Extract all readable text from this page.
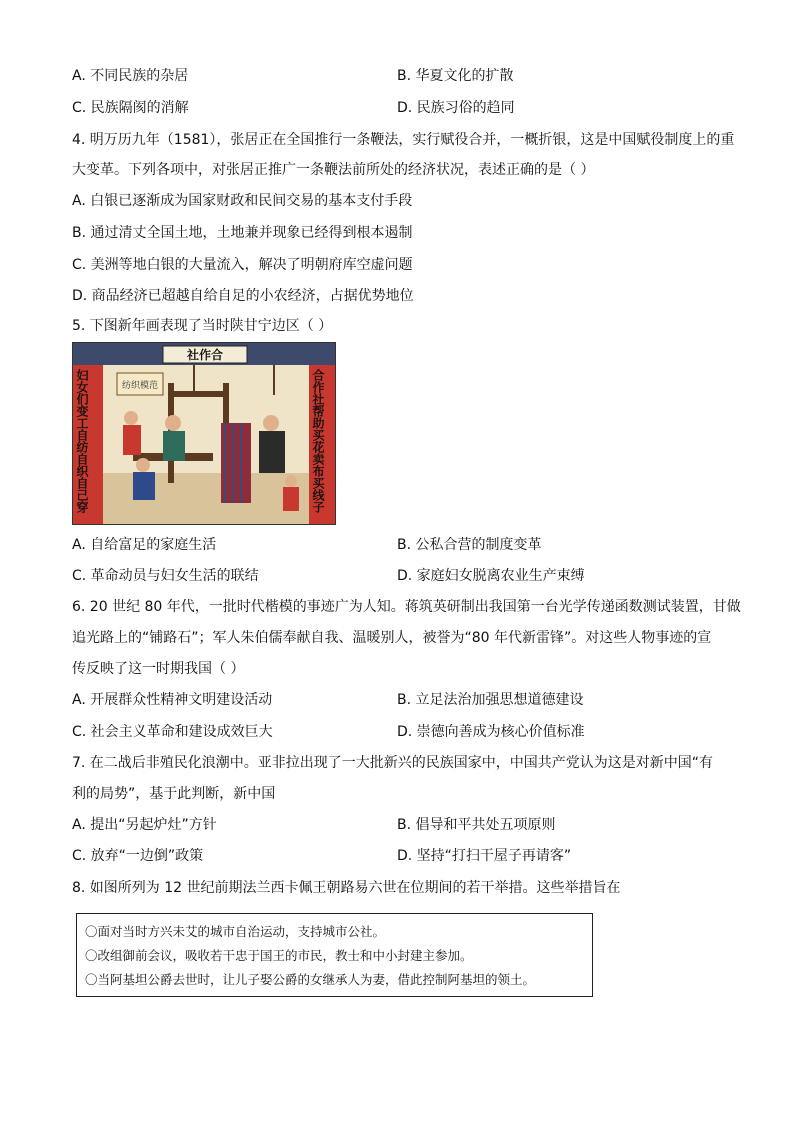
A. 不同民族的杂居	B. 华夏文化的扩散
C. 民族隔阂的消解	D. 民族习俗的趋同
4. 明万历九年（1581），张居正在全国推行一条鞭法，实行赋役合并，一概折银，这是中国赋役制度上的重
大变革。下列各项中，对张居正推广一条鞭法前所处的经济状况，表述正确的是（ ）
A. 白银已逐渐成为国家财政和民间交易的基本支付手段
B. 通过清丈全国土地，土地兼并现象已经得到根本遏制
C. 美洲等地白银的大量流入，解决了明朝府库空虚问题
D. 商品经济已超越自给自足的小农经济，占据优势地位
5. 下图新年画表现了当时陕甘宁边区（ ）
社作合
妇女们变工自纺自织自己穿	合作社帮助买花卖布买线子
纺织模范
A. 自给富足的家庭生活	B. 公私合营的制度变革
C. 革命动员与妇女生活的联结	D. 家庭妇女脱离农业生产束缚
6. 20 世纪 80 年代，一批时代楷模的事迹广为人知。蒋筑英研制出我国第一台光学传递函数测试装置，甘做
追光路上的“铺路石”；军人朱伯儒奉献自我、温暖别人，被誉为“80 年代新雷锋”。对这些人物事迹的宣
传反映了这一时期我国（ ）
A. 开展群众性精神文明建设活动	B. 立足法治加强思想道德建设
C. 社会主义革命和建设成效巨大	D. 崇德向善成为核心价值标准
7. 在二战后非殖民化浪潮中。亚非拉出现了一大批新兴的民族国家中，中国共产党认为这是对新中国“有
利的局势”，基于此判断，新中国
A. 提出“另起炉灶”方针	B. 倡导和平共处五项原则
C. 放弃“一边倒”政策	D. 坚持“打扫干屋子再请客”
8. 如图所列为 12 世纪前期法兰西卡佩王朝路易六世在位期间的若干举措。这些举措旨在
〇面对当时方兴未艾的城市自治运动，支持城市公社。
〇改组御前会议，吸收若干忠于国王的市民，教士和中小封建主参加。
〇当阿基坦公爵去世时，让儿子娶公爵的女继承人为妻，借此控制阿基坦的领土。
